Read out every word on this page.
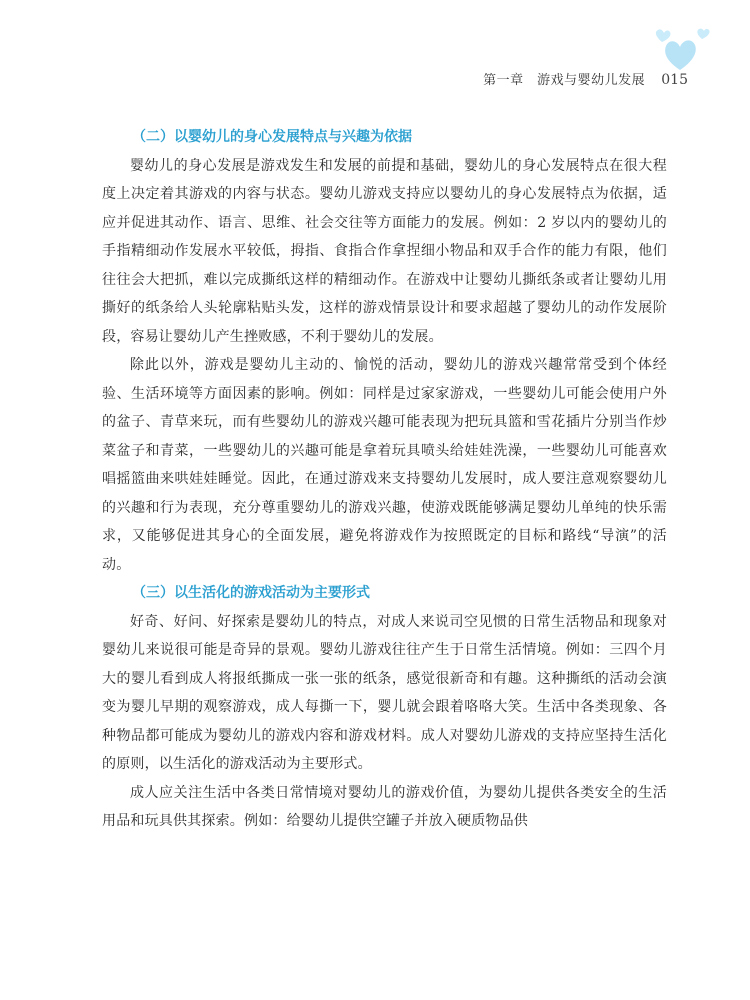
第一章　游戏与婴幼儿发展 015
（二）以婴幼儿的身心发展特点与兴趣为依据

婴幼儿的身心发展是游戏发生和发展的前提和基础，婴幼儿的身心发展特点在很大程度上决定着其游戏的内容与状态。婴幼儿游戏支持应以婴幼儿的身心发展特点为依据，适应并促进其动作、语言、思维、社会交往等方面能力的发展。例如：2 岁以内的婴幼儿的手指精细动作发展水平较低，拇指、食指合作拿捏细小物品和双手合作的能力有限，他们往往会大把抓，难以完成撕纸这样的精细动作。在游戏中让婴幼儿撕纸条或者让婴幼儿用撕好的纸条给人头轮廓粘贴头发，这样的游戏情景设计和要求超越了婴幼儿的动作发展阶段，容易让婴幼儿产生挫败感，不利于婴幼儿的发展。

除此以外，游戏是婴幼儿主动的、愉悦的活动，婴幼儿的游戏兴趣常常受到个体经验、生活环境等方面因素的影响。例如：同样是过家家游戏，一些婴幼儿可能会使用户外的盆子、青草来玩，而有些婴幼儿的游戏兴趣可能表现为把玩具篮和雪花插片分别当作炒菜盆子和青菜，一些婴幼儿的兴趣可能是拿着玩具喷头给娃娃洗澡，一些婴幼儿可能喜欢唱摇篮曲来哄娃娃睡觉。因此，在通过游戏来支持婴幼儿发展时，成人要注意观察婴幼儿的兴趣和行为表现，充分尊重婴幼儿的游戏兴趣，使游戏既能够满足婴幼儿单纯的快乐需求，又能够促进其身心的全面发展，避免将游戏作为按照既定的目标和路线“导演”的活动。

（三）以生活化的游戏活动为主要形式

好奇、好问、好探索是婴幼儿的特点，对成人来说司空见惯的日常生活物品和现象对婴幼儿来说很可能是奇异的景观。婴幼儿游戏往往产生于日常生活情境。例如：三四个月大的婴儿看到成人将报纸撕成一张一张的纸条，感觉很新奇和有趣。这种撕纸的活动会演变为婴儿早期的观察游戏，成人每撕一下，婴儿就会跟着咯咯大笑。生活中各类现象、各种物品都可能成为婴幼儿的游戏内容和游戏材料。成人对婴幼儿游戏的支持应坚持生活化的原则，以生活化的游戏活动为主要形式。

成人应关注生活中各类日常情境对婴幼儿的游戏价值，为婴幼儿提供各类安全的生活用品和玩具供其探索。例如：给婴幼儿提供空罐子并放入硬质物品供
